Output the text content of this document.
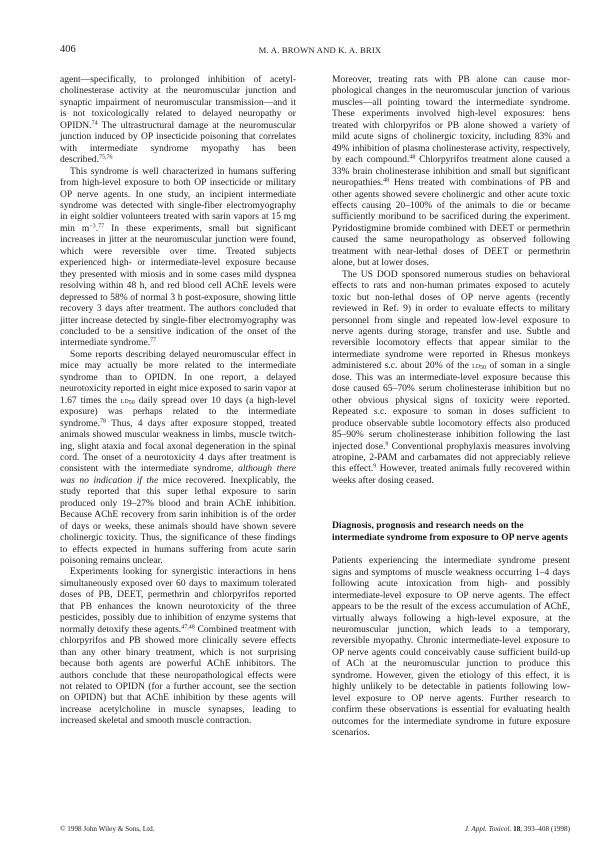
406	M. A. BROWN AND K. A. BRIX

agent—specifically, to prolonged inhibition of acetylcholinesterase activity at the neuromuscular junction and synaptic impairment of neuromuscular transmission—and it is not toxicologically related to delayed neuropathy or OPIDN.$^{74}$ The ultrastructural damage at the neuromuscular junction induced by OP insecticide poisoning that correlates with intermediate syndrome myopathy has been described.$^{75,76}$

This syndrome is well characterized in humans suffering from high-level exposure to both OP insecticide or military OP nerve agents. In one study, an incipient intermediate syndrome was detected with single-fiber electromyography in eight soldier volunteers treated with sarin vapors at 15 mg $\min m^{-3}.^{77}$ In these experiments, small but significant increases in jitter at the neuromuscular junction were found, which were reversible over time. Treated subjects experienced high- or intermediate-level exposure because they presented with miosis and in some cases mild dyspnea resolving within 48 h, and red blood cell AChE levels were depressed to 58% of normal 3 h post-exposure, showing little recovery 3 days after treatment. The authors concluded that jitter increase detected by single-fiber electromyography was concluded to be a sensitive indication of the onset of the intermediate syndrome.$^{77}$

Some reports describing delayed neuromuscular effect in mice may actually be more related to the intermediate syndrome than to OPIDN. In one report, a delayed neurotoxicity reported in eight mice exposed to sarin vapor at 1.67 times the $ld_{50}$ daily spread over 10 days (a high-level exposure) was perhaps related to the intermediate syndrome.$^{78}$ Thus, 4 days after exposure stopped, treated animals showed muscular weakness in limbs, muscle twitching, slight ataxia and focal axonal degeneration in the spinal cord. The onset of a neurotoxicity 4 days after treatment is consistent with the intermediate syndrome, although there was no indication if the mice recovered. Inexplicably, the study reported that this super lethal exposure to sarin produced only 19–27% blood and brain AChE inhibition. Because AChE recovery from sarin inhibition is of the order of days or weeks, these animals should have shown severe cholinergic toxicity. Thus, the significance of these findings to effects expected in humans suffering from acute sarin poisoning remains unclear.

Experiments looking for synergistic interactions in hens simultaneously exposed over 60 days to maximum tolerated doses of PB, DEET, permethrin and chlorpyrifos reported that PB enhances the known neurotoxicity of the three pesticides, possibly due to inhibition of enzyme systems that normally detoxify these agents.$^{47,48}$ Combined treatment with chlorpyrifos and PB showed more clinically severe effects than any other binary treatment, which is not surprising because both agents are powerful AChE inhibitors. The authors conclude that these neuropathological effects were not related to OPIDN (for a further account, see the section on OPIDN) but that AChE inhibition by these agents will increase acetylcholine in muscle synapses, leading to increased skeletal and smooth muscle contraction.

Moreover, treating rats with PB alone can cause morphological changes in the neuromuscular junction of various muscles—all pointing toward the intermediate syndrome. These experiments involved high-level exposures: hens treated with chlorpyrifos or PB alone showed a variety of mild acute signs of cholinergic toxicity, including 83% and 49% inhibition of plasma cholinesterase activity, respectively, by each compound.$^{48}$ Chlorpyrifos treatment alone caused a 33% brain cholinesterase inhibition and small but significant neuropathies.$^{48}$ Hens treated with combinations of PB and other agents showed severe cholinergic and other acute toxic effects causing 20–100% of the animals to die or became sufficiently moribund to be sacrificed during the experiment. Pyridostigmine bromide combined with DEET or permethrin caused the same neuropathology as observed following treatment with near-lethal doses of DEET or permethrin alone, but at lower doses.

The US DOD sponsored numerous studies on behavioral effects to rats and non-human primates exposed to acutely toxic but non-lethal doses of OP nerve agents (recently reviewed in Ref. 9) in order to evaluate effects to military personnel from single and repeated low-level exposure to nerve agents during storage, transfer and use. Subtle and reversible locomotory effects that appear similar to the intermediate syndrome were reported in Rhesus monkeys administered s.c. about 20% of the $ld_{50}$ of soman in a single dose. This was an intermediate-level exposure because this dose caused 65–70% serum cholinesterase inhibition but no other obvious physical signs of toxicity were reported. Repeated s.c. exposure to soman in doses sufficient to produce observable subtle locomotory effects also produced 85–90% serum cholinesterase inhibition following the last injected dose.$^9$ Conventional prophylaxis measures involving atropine, 2-PAM and carbamates did not appreciably relieve this effect.$^9$ However, treated animals fully recovered within weeks after dosing ceased.

Diagnosis, prognosis and research needs on the intermediate syndrome from exposure to OP nerve agents

Patients experiencing the intermediate syndrome present signs and symptoms of muscle weakness occurring 1–4 days following acute intoxication from high- and possibly intermediate-level exposure to OP nerve agents. The effect appears to be the result of the excess accumulation of AChE, virtually always following a high-level exposure, at the neuromuscular junction, which leads to a temporary, reversible myopathy. Chronic intermediate-level exposure to OP nerve agents could conceivably cause sufficient build-up of ACh at the neuromuscular junction to produce this syndrome. However, given the etiology of this effect, it is highly unlikely to be detectable in patients following low-level exposure to OP nerve agents. Further research to confirm these observations is essential for evaluating health outcomes for the intermediate syndrome in future exposure scenarios.

© 1998 John Wiley & Sons, Ltd.	J. Appl. Toxicol. 18, 393–408 (1998)
